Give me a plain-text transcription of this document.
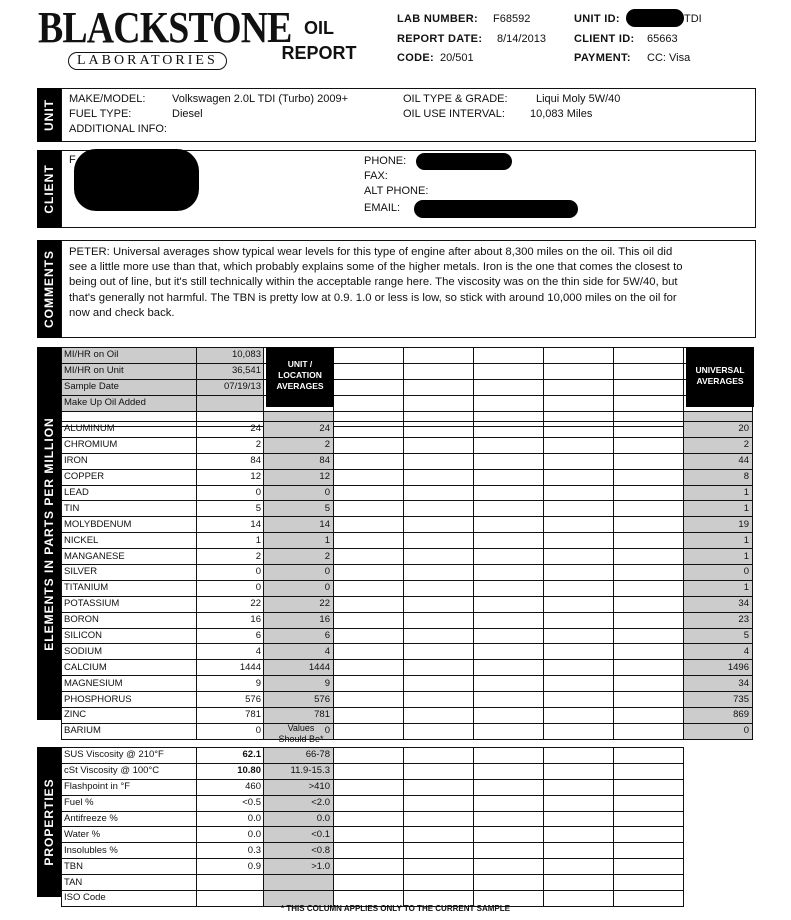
BLACKSTONE
LABORATORIES
OIL
REPORT
LAB NUMBER: F68592
REPORT DATE: 8/14/2013
CODE: 20/501
UNIT ID:	TDI
CLIENT ID: 65663
PAYMENT: CC: Visa
UNIT MAKE/MODEL: Volkswagen 2.0L TDI (Turbo) 2009+
FUEL TYPE:	Diesel
ADDITIONAL INFO:
OIL TYPE & GRADE:	Liqui Moly 5W/40
OIL USE INTERVAL: 10,083 Miles
CLIENT
F	PHONE:
FAX:
ALT PHONE:
EMAIL:
COMMENTS PETER: Universal averages show typical wear levels for this type of engine after about 8,300 miles on the oil. This oil did see a little more use than that, which probably explains some of the higher metals. Iron is the one that comes the closest to being out of line, but it's still technically within the acceptable range here. The viscosity was on the thin side for 5W/40, but that's generally not harmful. The TBN is pretty low at 0.9. 1.0 or less is low, so stick with around 10,000 miles on the oil for now and check back.
ELEMENTS IN PARTS PER MILLION
MI/HR on Oil	10,083							
MI/HR on Unit	36,541							
Sample Date	07/19/13							
Make Up Oil Added								

UNIT / LOCATION AVERAGES
UNIVERSAL AVERAGES
ALUMINUM	24	24						20
CHROMIUM	2	2						2
IRON	84	84						44
COPPER	12	12						8
LEAD	0	0						1
TIN	5	5						1
MOLYBDENUM	14	14						19
NICKEL	1	1						1
MANGANESE	2	2						1
SILVER	0	0						0
TITANIUM	0	0						1
POTASSIUM	22	22						34
BORON	16	16						23
SILICON	6	6						5
SODIUM	4	4						4
CALCIUM	1444	1444						1496
MAGNESIUM	9	9						34
PHOSPHORUS	576	576						735
ZINC	781	781						869
BARIUM	0	0						0
Values
Should Be*
PROPERTIES
SUS Viscosity @ 210°F	62.1	66-78					
cSt Viscosity @ 100°C	10.80	11.9-15.3					
Flashpoint in °F	460	>410					
Fuel %	<0.5	<2.0					
Antifreeze %	0.0	0.0					
Water %	0.0	<0.1					
Insolubles %	0.3	<0.8					
TBN	0.9	>1.0					
TAN							
ISO Code							
* THIS COLUMN APPLIES ONLY TO THE CURRENT SAMPLE
